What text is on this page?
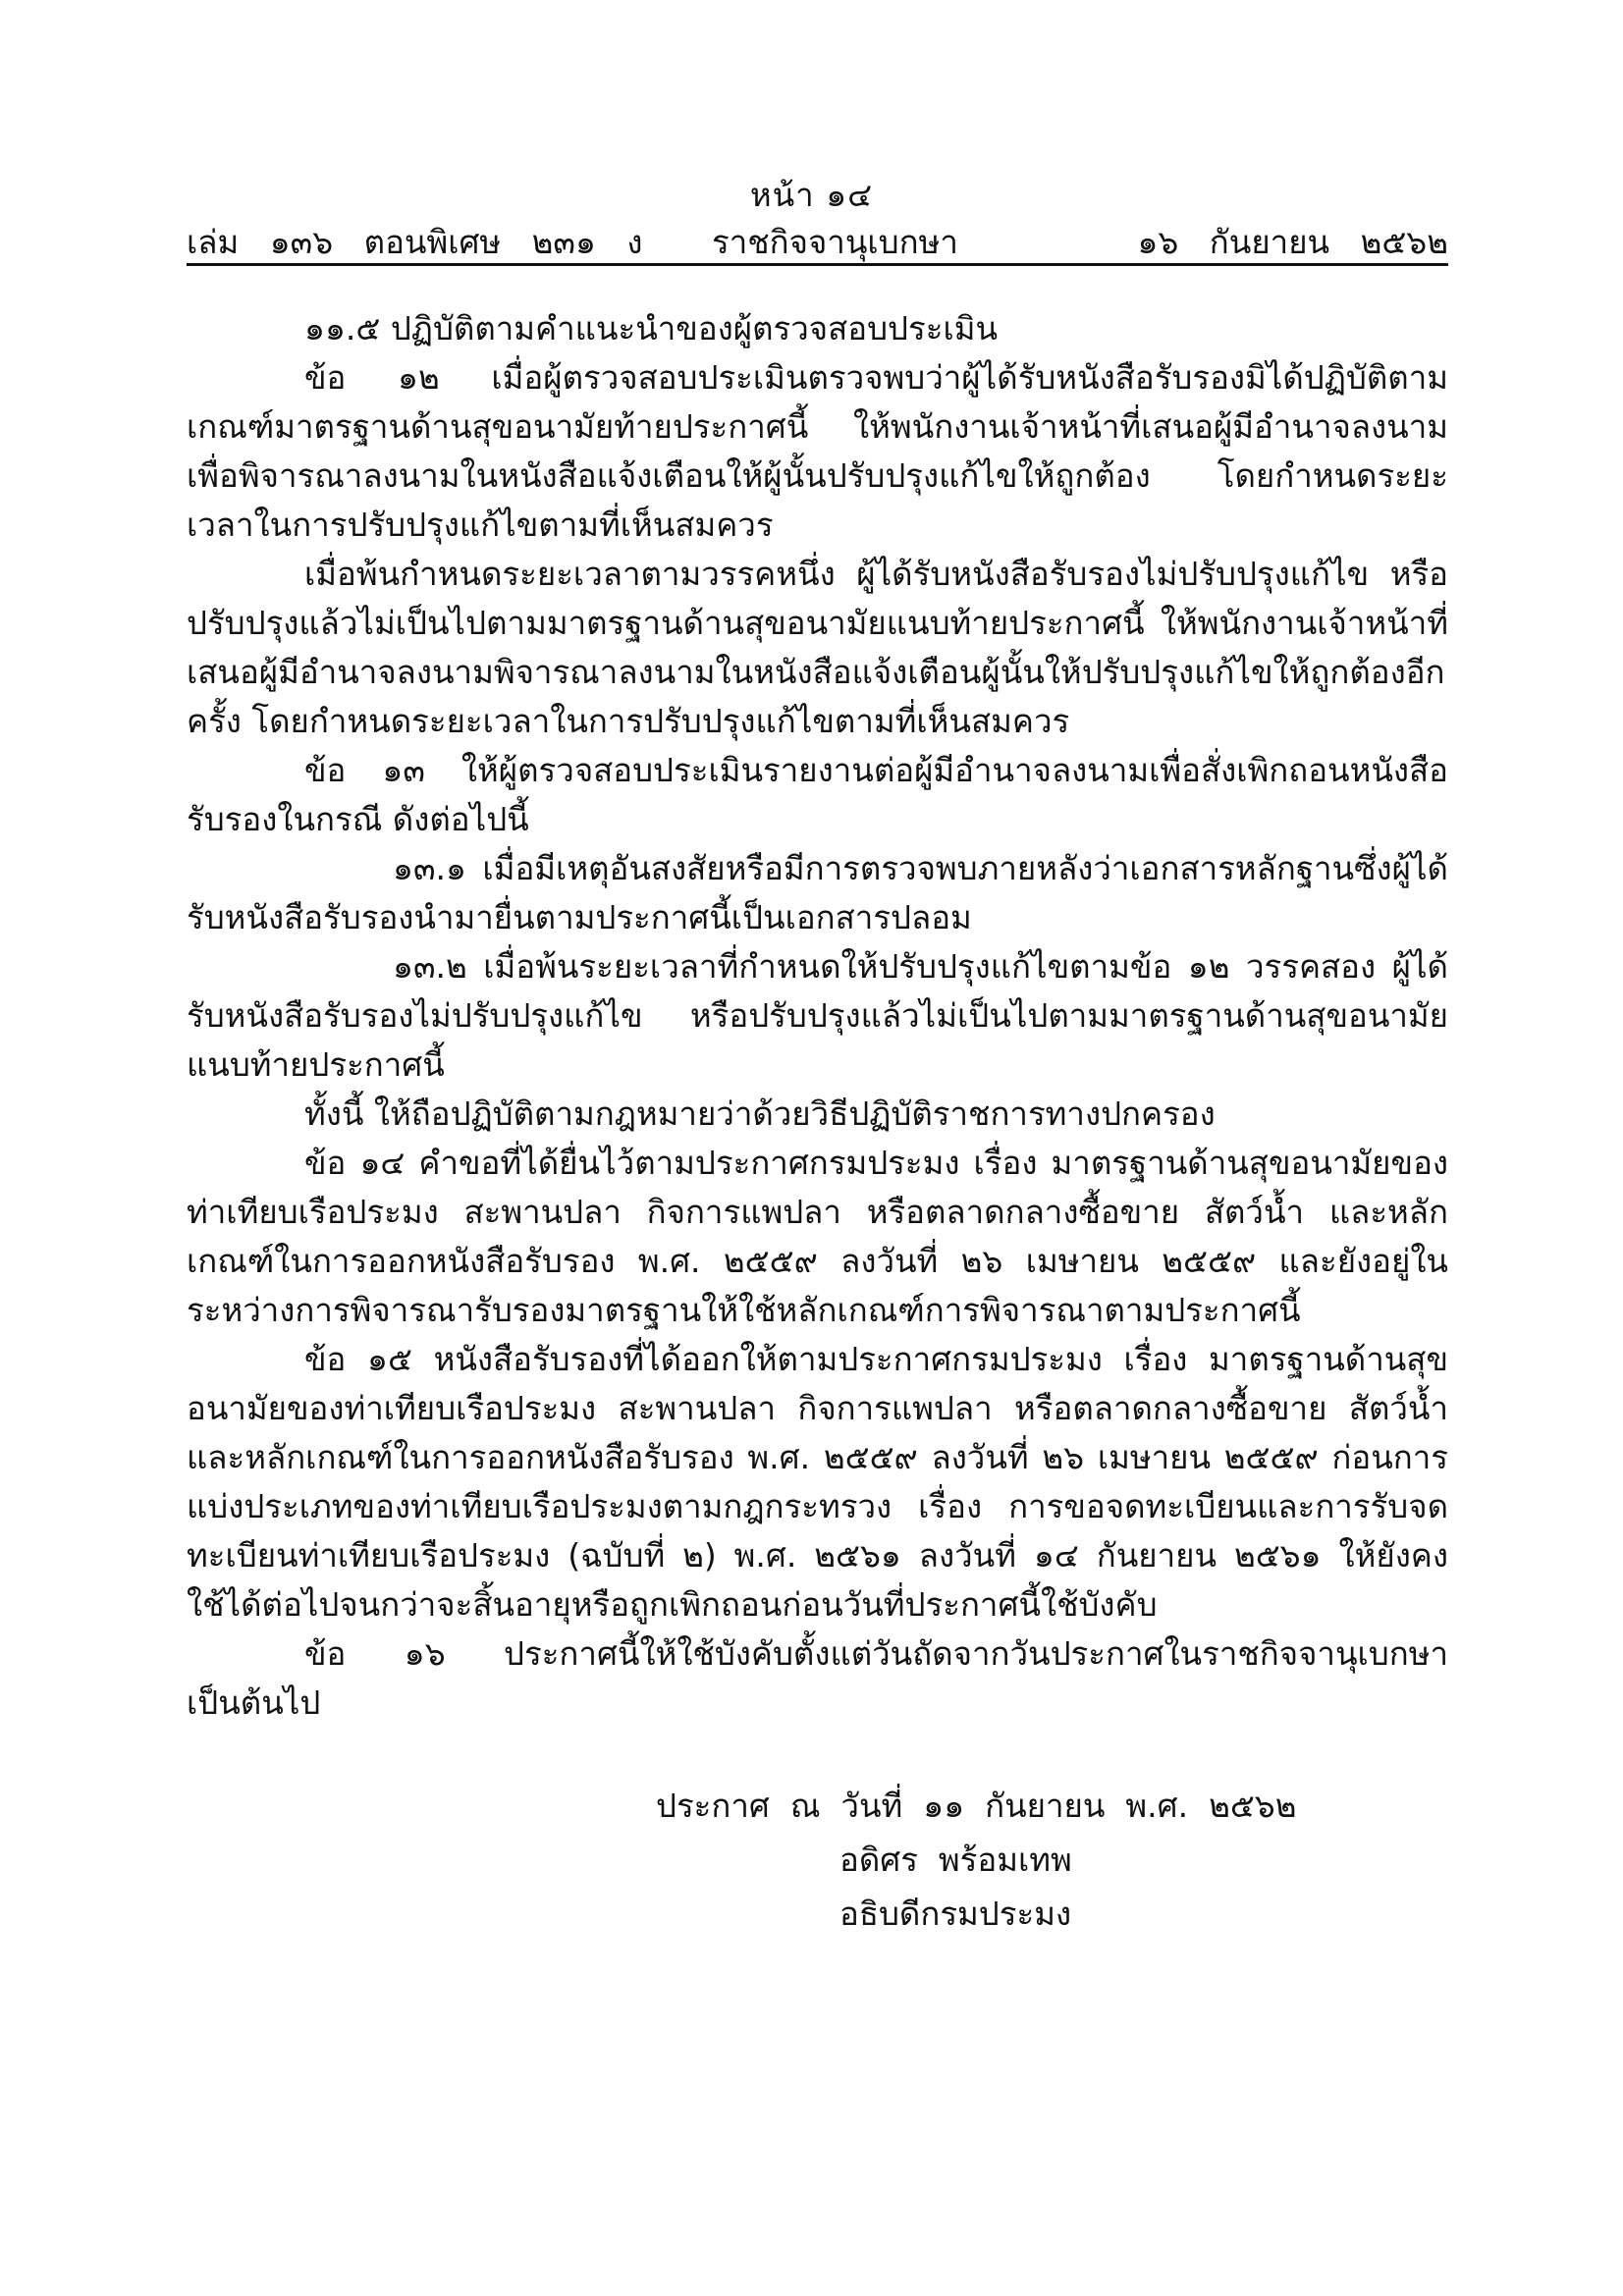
หน้า ๑๔
เล่ม   ๑๓๖   ตอนพิเศษ   ๒๓๑   ง ราชกิจจานุเบกษา	๑๖   กันยายน   ๒๕๖๒

๑๑.๕ ปฏิบัติตามคำแนะนำของผู้ตรวจสอบประเมิน

ข้อ ๑๒ เมื่อผู้ตรวจสอบประเมินตรวจพบว่าผู้ได้รับหนังสือรับรองมิได้ปฏิบัติตามเกณฑ์มาตรฐานด้านสุขอนามัยท้ายประกาศนี้ ให้พนักงานเจ้าหน้าที่เสนอผู้มีอำนาจลงนามเพื่อพิจารณาลงนามในหนังสือแจ้งเตือนให้ผู้นั้นปรับปรุงแก้ไขให้ถูกต้อง โดยกำหนดระยะเวลาในการปรับปรุงแก้ไขตามที่เห็นสมควร

เมื่อพ้นกำหนดระยะเวลาตามวรรคหนึ่ง ผู้ได้รับหนังสือรับรองไม่ปรับปรุงแก้ไข หรือปรับปรุงแล้วไม่เป็นไปตามมาตรฐานด้านสุขอนามัยแนบท้ายประกาศนี้ ให้พนักงานเจ้าหน้าที่เสนอผู้มีอำนาจลงนามพิจารณาลงนามในหนังสือแจ้งเตือนผู้นั้นให้ปรับปรุงแก้ไขให้ถูกต้องอีกครั้ง โดยกำหนดระยะเวลาในการปรับปรุงแก้ไขตามที่เห็นสมควร

ข้อ ๑๓ ให้ผู้ตรวจสอบประเมินรายงานต่อผู้มีอำนาจลงนามเพื่อสั่งเพิกถอนหนังสือรับรองในกรณี ดังต่อไปนี้

๑๓.๑ เมื่อมีเหตุอันสงสัยหรือมีการตรวจพบภายหลังว่าเอกสารหลักฐานซึ่งผู้ได้รับหนังสือรับรองนำมายื่นตามประกาศนี้เป็นเอกสารปลอม

๑๓.๒ เมื่อพ้นระยะเวลาที่กำหนดให้ปรับปรุงแก้ไขตามข้อ ๑๒ วรรคสอง ผู้ได้รับหนังสือรับรองไม่ปรับปรุงแก้ไข หรือปรับปรุงแล้วไม่เป็นไปตามมาตรฐานด้านสุขอนามัยแนบท้ายประกาศนี้

ทั้งนี้ ให้ถือปฏิบัติตามกฎหมายว่าด้วยวิธีปฏิบัติราชการทางปกครอง

ข้อ ๑๔ คำขอที่ได้ยื่นไว้ตามประกาศกรมประมง เรื่อง มาตรฐานด้านสุขอนามัยของท่าเทียบเรือประมง สะพานปลา กิจการแพปลา หรือตลาดกลางซื้อขาย สัตว์น้ำ และหลักเกณฑ์ในการออกหนังสือรับรอง พ.ศ. ๒๕๕๙ ลงวันที่ ๒๖ เมษายน ๒๕๕๙ และยังอยู่ในระหว่างการพิจารณารับรองมาตรฐานให้ใช้หลักเกณฑ์การพิจารณาตามประกาศนี้

ข้อ ๑๕ หนังสือรับรองที่ได้ออกให้ตามประกาศกรมประมง เรื่อง มาตรฐานด้านสุขอนามัยของท่าเทียบเรือประมง สะพานปลา กิจการแพปลา หรือตลาดกลางซื้อขาย สัตว์น้ำ และหลักเกณฑ์ในการออกหนังสือรับรอง พ.ศ. ๒๕๕๙ ลงวันที่ ๒๖ เมษายน ๒๕๕๙ ก่อนการแบ่งประเภทของท่าเทียบเรือประมงตามกฎกระทรวง เรื่อง การขอจดทะเบียนและการรับจดทะเบียนท่าเทียบเรือประมง (ฉบับที่ ๒) พ.ศ. ๒๕๖๑ ลงวันที่ ๑๔ กันยายน ๒๕๖๑ ให้ยังคงใช้ได้ต่อไปจนกว่าจะสิ้นอายุหรือถูกเพิกถอนก่อนวันที่ประกาศนี้ใช้บังคับ

ข้อ ๑๖ ประกาศนี้ให้ใช้บังคับตั้งแต่วันถัดจากวันประกาศในราชกิจจานุเบกษาเป็นต้นไป

ประกาศ  ณ  วันที่  ๑๑  กันยายน  พ.ศ.  ๒๕๖๒
อดิศร  พร้อมเทพ
อธิบดีกรมประมง
